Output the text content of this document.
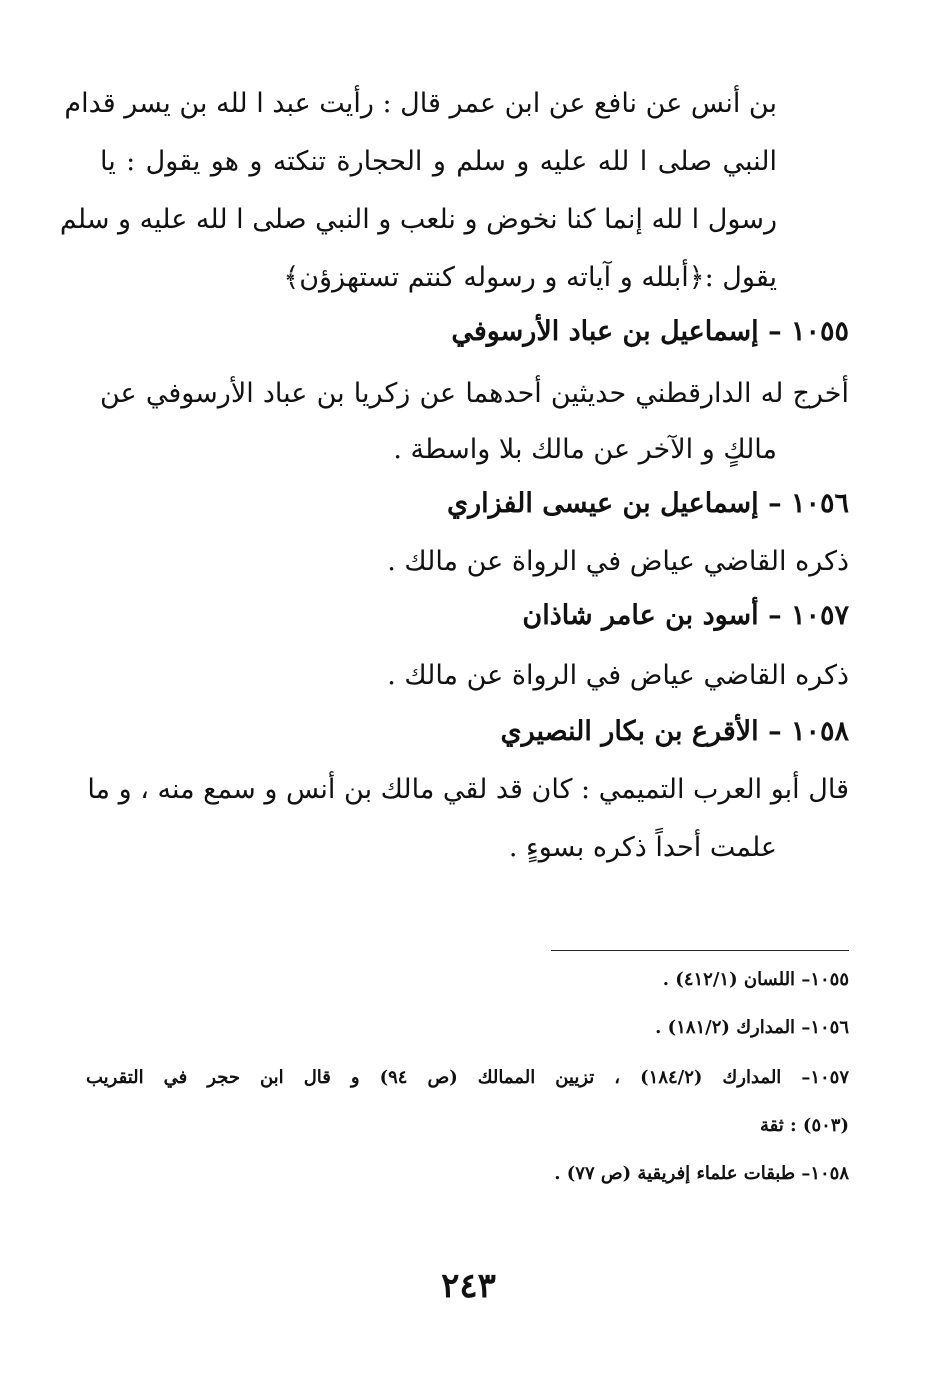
بن أنس عن نافع عن ابن عمر قال : رأيت عبد ا لله بن يسر قدام
النبي صلى ا لله عليه و سلم و الحجارة تنكته و هو يقول : يا
رسول ا لله إنما كنا نخوض و نلعب و النبي صلى ا لله عليه و سلم
يقول :﴿أبلله و آياته و رسوله كنتم تستهزؤن﴾
١٠٥٥ – إسماعيل بن عباد الأرسوفي
أخرج له الدارقطني حديثين أحدهما عن زكريا بن عباد الأرسوفي عن
مالكٍ و الآخر عن مالك بلا واسطة .
١٠٥٦ – إسماعيل بن عيسى الفزاري
ذكره القاضي عياض في الرواة عن مالك .
١٠٥٧ – أسود بن عامر شاذان
ذكره القاضي عياض في الرواة عن مالك .
١٠٥٨ – الأقرع بن بكار النصيري
قال أبو العرب التميمي : كان قد لقي مالك بن أنس و سمع منه ، و ما
علمت أحداً ذكره بسوءٍ .
١٠٥٥– اللسان (٤١٢/١) .
١٠٥٦– المدارك (١٨١/٢) .
١٠٥٧– المدارك (١٨٤/٢) ، تزيين الممالك (ص ٩٤) و قال ابن حجر في التقريب
(٥٠٣) : ثقة
١٠٥٨– طبقات علماء إفريقية (ص ٧٧) .
٢٤٣
